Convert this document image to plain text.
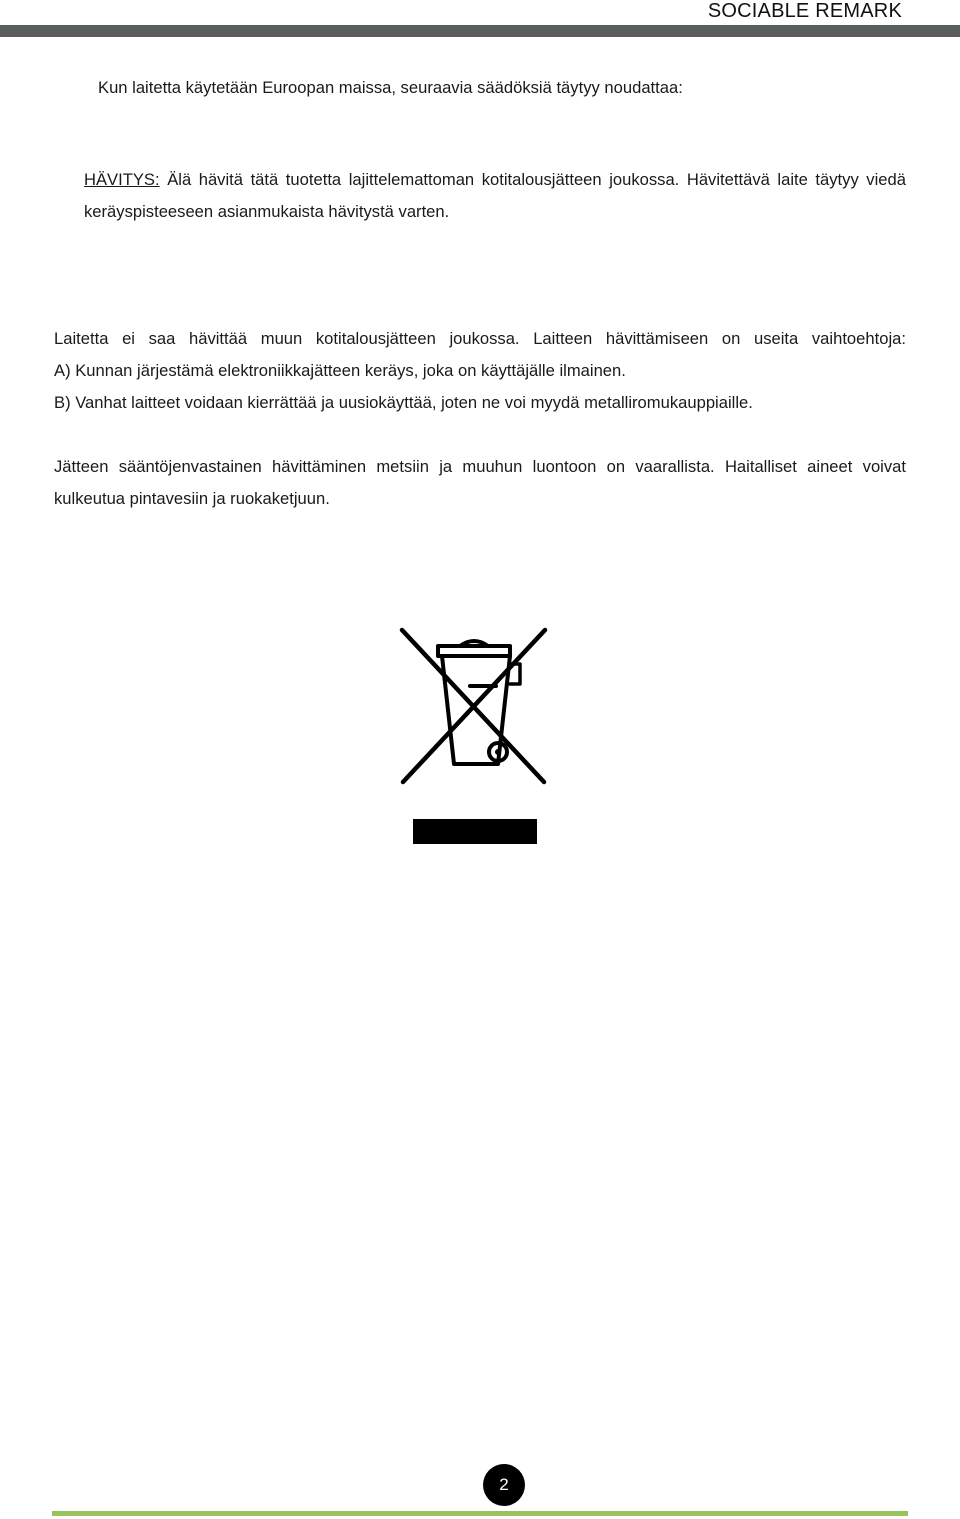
SOCIABLE REMARK

Kun laitetta käytetään Euroopan maissa, seuraavia säädöksiä täytyy noudattaa:

HÄVITYS: Älä hävitä tätä tuotetta lajittelemattoman kotitalousjätteen joukossa. Hävitettävä laite täytyy viedä keräyspisteeseen asianmukaista hävitystä varten.

Laitetta ei saa hävittää muun kotitalousjätteen joukossa. Laitteen hävittämiseen on useita vaihtoehtoja:
A) Kunnan järjestämä elektroniikkajätteen keräys, joka on käyttäjälle ilmainen.
B) Vanhat laitteet voidaan kierrättää ja uusiokäyttää, joten ne voi myydä metalliromukauppiaille.

Jätteen sääntöjenvastainen hävittäminen metsiin ja muuhun luontoon on vaarallista. Haitalliset aineet voivat kulkeutua pintavesiin ja ruokaketjuun.

2
